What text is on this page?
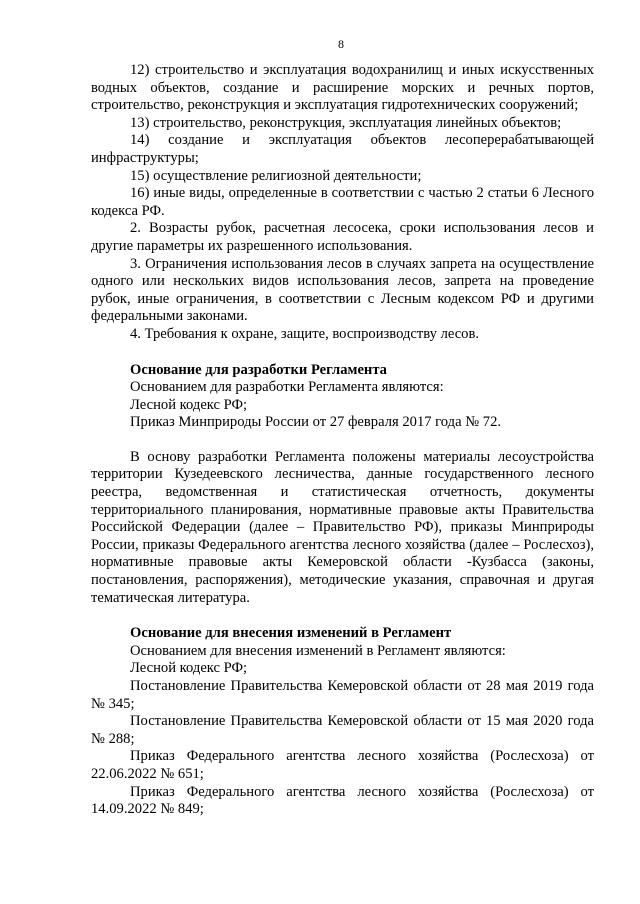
8

12) строительство и эксплуатация водохранилищ и иных искусственных водных объектов, создание и расширение морских и речных портов, строительство, реконструкция и эксплуатация гидротехнических сооружений;

13) строительство, реконструкция, эксплуатация линейных объектов;

14) создание и эксплуатация объектов лесоперерабатывающей инфраструктуры;

15) осуществление религиозной деятельности;

16) иные виды, определенные в соответствии с частью 2 статьи 6 Лесного кодекса РФ.

2. Возрасты рубок, расчетная лесосека, сроки использования лесов и другие параметры их разрешенного использования.

3. Ограничения использования лесов в случаях запрета на осуществление одного или нескольких видов использования лесов, запрета на проведение рубок, иные ограничения, в соответствии с Лесным кодексом РФ и другими федеральными законами.

4. Требования к охране, защите, воспроизводству лесов.

Основание для разработки Регламента

Основанием для разработки Регламента являются:

Лесной кодекс РФ;

Приказ Минприроды России от 27 февраля 2017 года № 72.

В основу разработки Регламента положены материалы лесоустройства территории Кузедеевского лесничества, данные государственного лесного реестра, ведомственная и статистическая отчетность, документы территориального планирования, нормативные правовые акты Правительства Российской Федерации (далее – Правительство РФ), приказы Минприроды России, приказы Федерального агентства лесного хозяйства (далее – Рослесхоз), нормативные правовые акты Кемеровской области -Кузбасса (законы, постановления, распоряжения), методические указания, справочная и другая тематическая литература.

Основание для внесения изменений в Регламент

Основанием для внесения изменений в Регламент являются:

Лесной кодекс РФ;

Постановление Правительства Кемеровской области от 28 мая 2019 года № 345;

Постановление Правительства Кемеровской области от 15 мая 2020 года № 288;

Приказ Федерального агентства лесного хозяйства (Рослесхоза) от 22.06.2022 № 651;

Приказ Федерального агентства лесного хозяйства (Рослесхоза) от 14.09.2022 № 849;
